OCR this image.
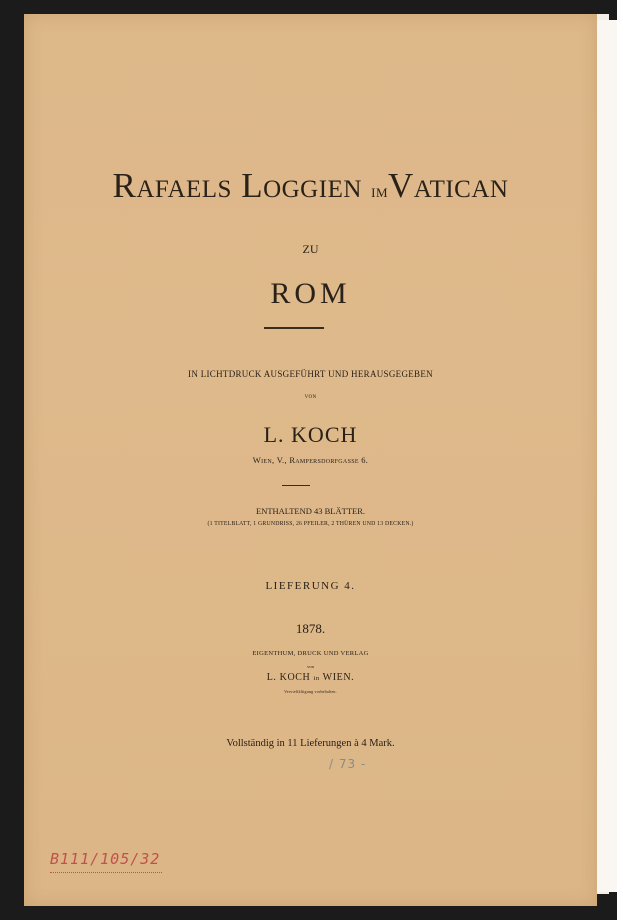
Rafaels Loggien imVatican
zu
ROM
IN LICHTDRUCK AUSGEFÜHRT UND HERAUSGEGEBEN
VON
L. KOCH
Wien, V., Rampersdorfgasse 6.
ENTHALTEND 43 BLÄTTER.
(1 TITELBLATT, 1 GRUNDRISS, 26 PFEILER, 2 THÜREN UND 13 DECKEN.)
LIEFERUNG 4.
1878.
EIGENTHUM, DRUCK UND VERLAG
von
L. KOCH in WIEN.
Vervielfältigung vorbehalten.
Vollständig in 11 Lieferungen à 4 Mark.
/ 73 -
B111/105/32
